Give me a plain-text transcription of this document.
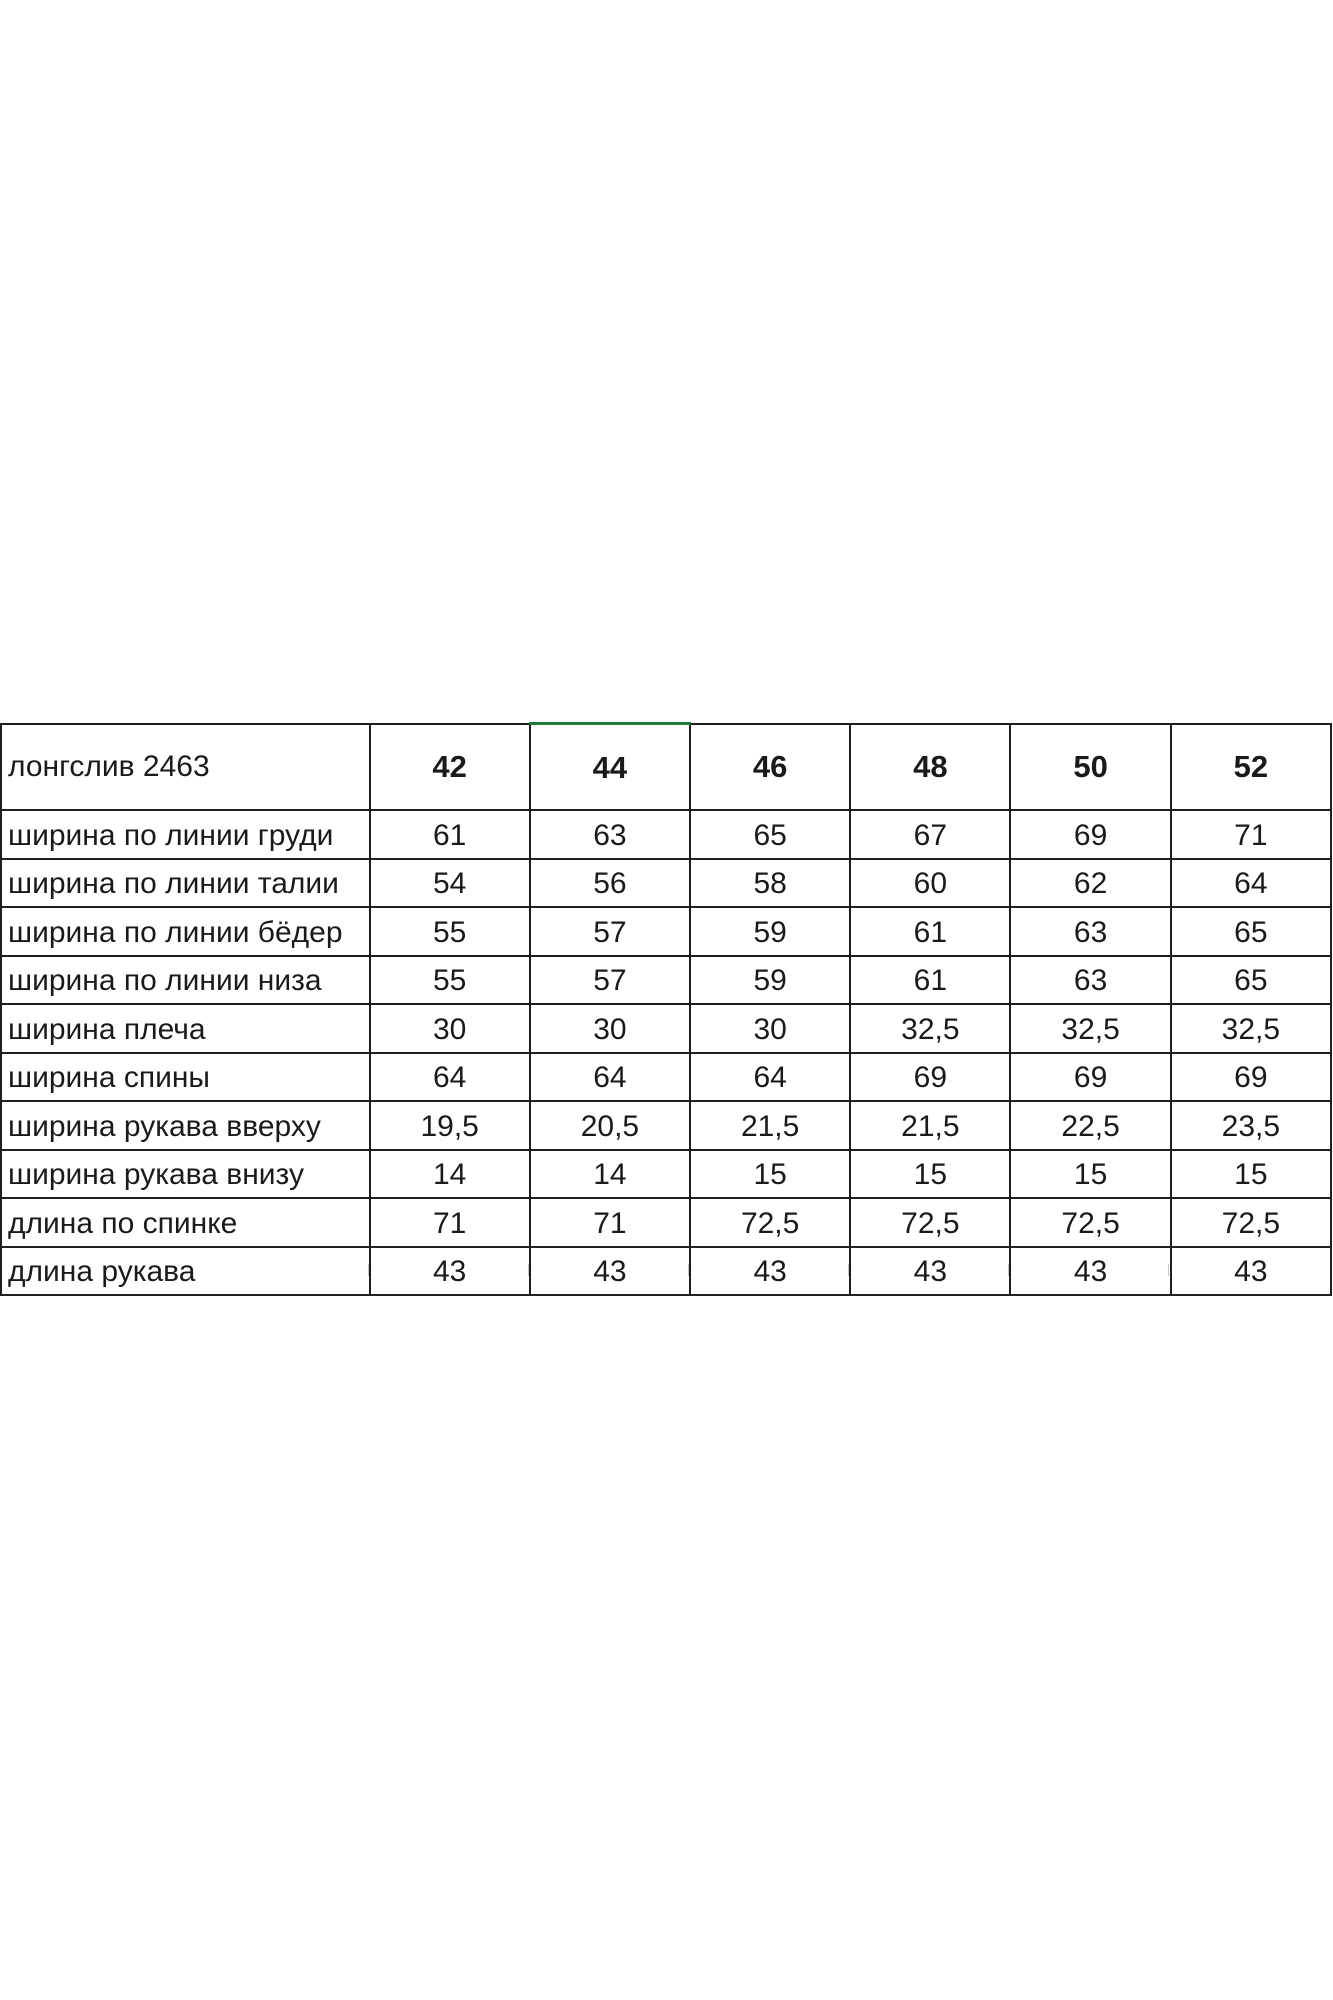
лонгслив 2463	42	44	46	48	50	52
ширина по линии груди	61	63	65	67	69	71
ширина по линии талии	54	56	58	60	62	64
ширина по линии бёдер	55	57	59	61	63	65
ширина по линии низа	55	57	59	61	63	65
ширина плеча	30	30	30	32,5	32,5	32,5
ширина спины	64	64	64	69	69	69
ширина рукава вверху	19,5	20,5	21,5	21,5	22,5	23,5
ширина рукава внизу	14	14	15	15	15	15
длина по спинке	71	71	72,5	72,5	72,5	72,5
длина рукава	43	43	43	43	43	43
